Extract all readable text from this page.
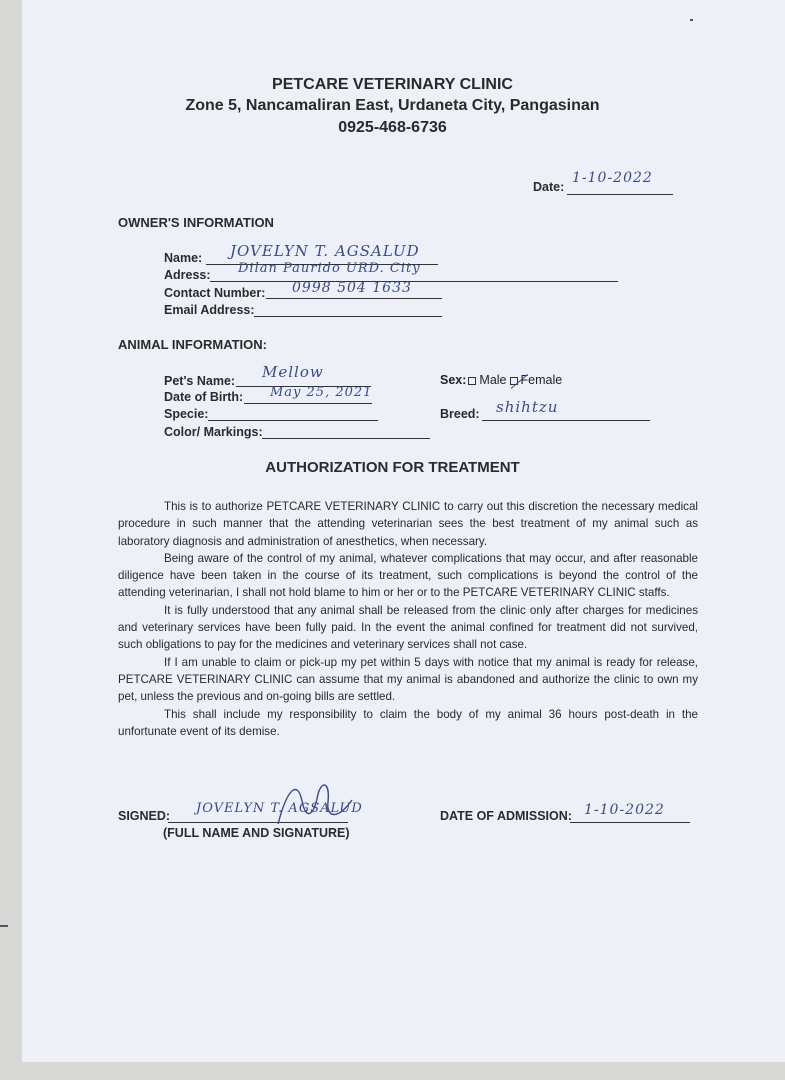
PETCARE VETERINARY CLINIC
Zone 5, Nancamaliran East, Urdaneta City, Pangasinan
0925-468-6736
Date:
1-10-2022
OWNER'S INFORMATION
Name: JOVELYN T. AGSALUD
Adress: Dilan Paurido URD. City
Contact Number: 0998 504 1633
Email Address:
ANIMAL INFORMATION:
Pet's Name: Mellow
Date of Birth: May 25, 2021
Specie:
Color/ Markings:
Sex: Male Female
Breed: shihtzu
AUTHORIZATION FOR TREATMENT

This is to authorize PETCARE VETERINARY CLINIC to carry out this discretion the necessary medical procedure in such manner that the attending veterinarian sees the best treatment of my animal such as laboratory diagnosis and administration of anesthetics, when necessary.

Being aware of the control of my animal, whatever complications that may occur, and after reasonable diligence have been taken in the course of its treatment, such complications is beyond the control of the attending veterinarian, I shall not hold blame to him or her or to the PETCARE VETERINARY CLINIC staffs.

It is fully understood that any animal shall be released from the clinic only after charges for medicines and veterinary services have been fully paid. In the event the animal confined for treatment did not survived, such obligations to pay for the medicines and veterinary services shall not case.

If I am unable to claim or pick-up my pet within 5 days with notice that my animal is ready for release, PETCARE VETERINARY CLINIC can assume that my animal is abandoned and authorize the clinic to own my pet, unless the previous and on-going bills are settled.

This shall include my responsibility to claim the body of my animal 36 hours post-death in the unfortunate event of its demise.

SIGNED: JOVELYN T. AGSALUD
(FULL NAME AND SIGNATURE)
DATE OF ADMISSION: 1-10-2022
